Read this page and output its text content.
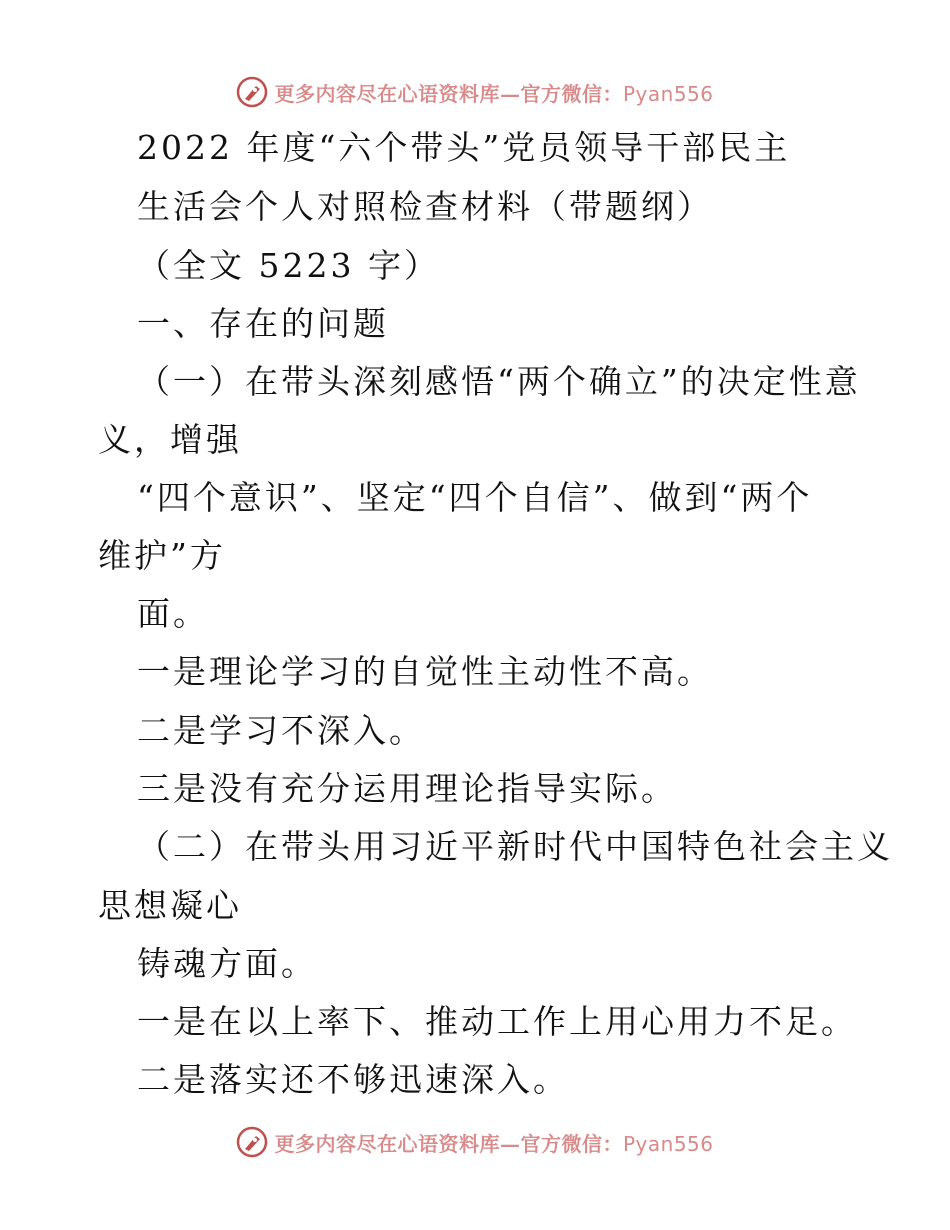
更多内容尽在心语资料库—官方微信：Pyan556
2022 年度“六个带头”党员领导干部民主
生活会个人对照检查材料（带题纲）
（全文 5223 字）
一、存在的问题
（一）在带头深刻感悟“两个确立”的决定性意
义，增强
“四个意识”、坚定“四个自信”、做到“两个
维护”方
面。
一是理论学习的自觉性主动性不高。
二是学习不深入。
三是没有充分运用理论指导实际。
（二）在带头用习近平新时代中国特色社会主义
思想凝心
铸魂方面。
一是在以上率下、推动工作上用心用力不足。
二是落实还不够迅速深入。
更多内容尽在心语资料库—官方微信：Pyan556
